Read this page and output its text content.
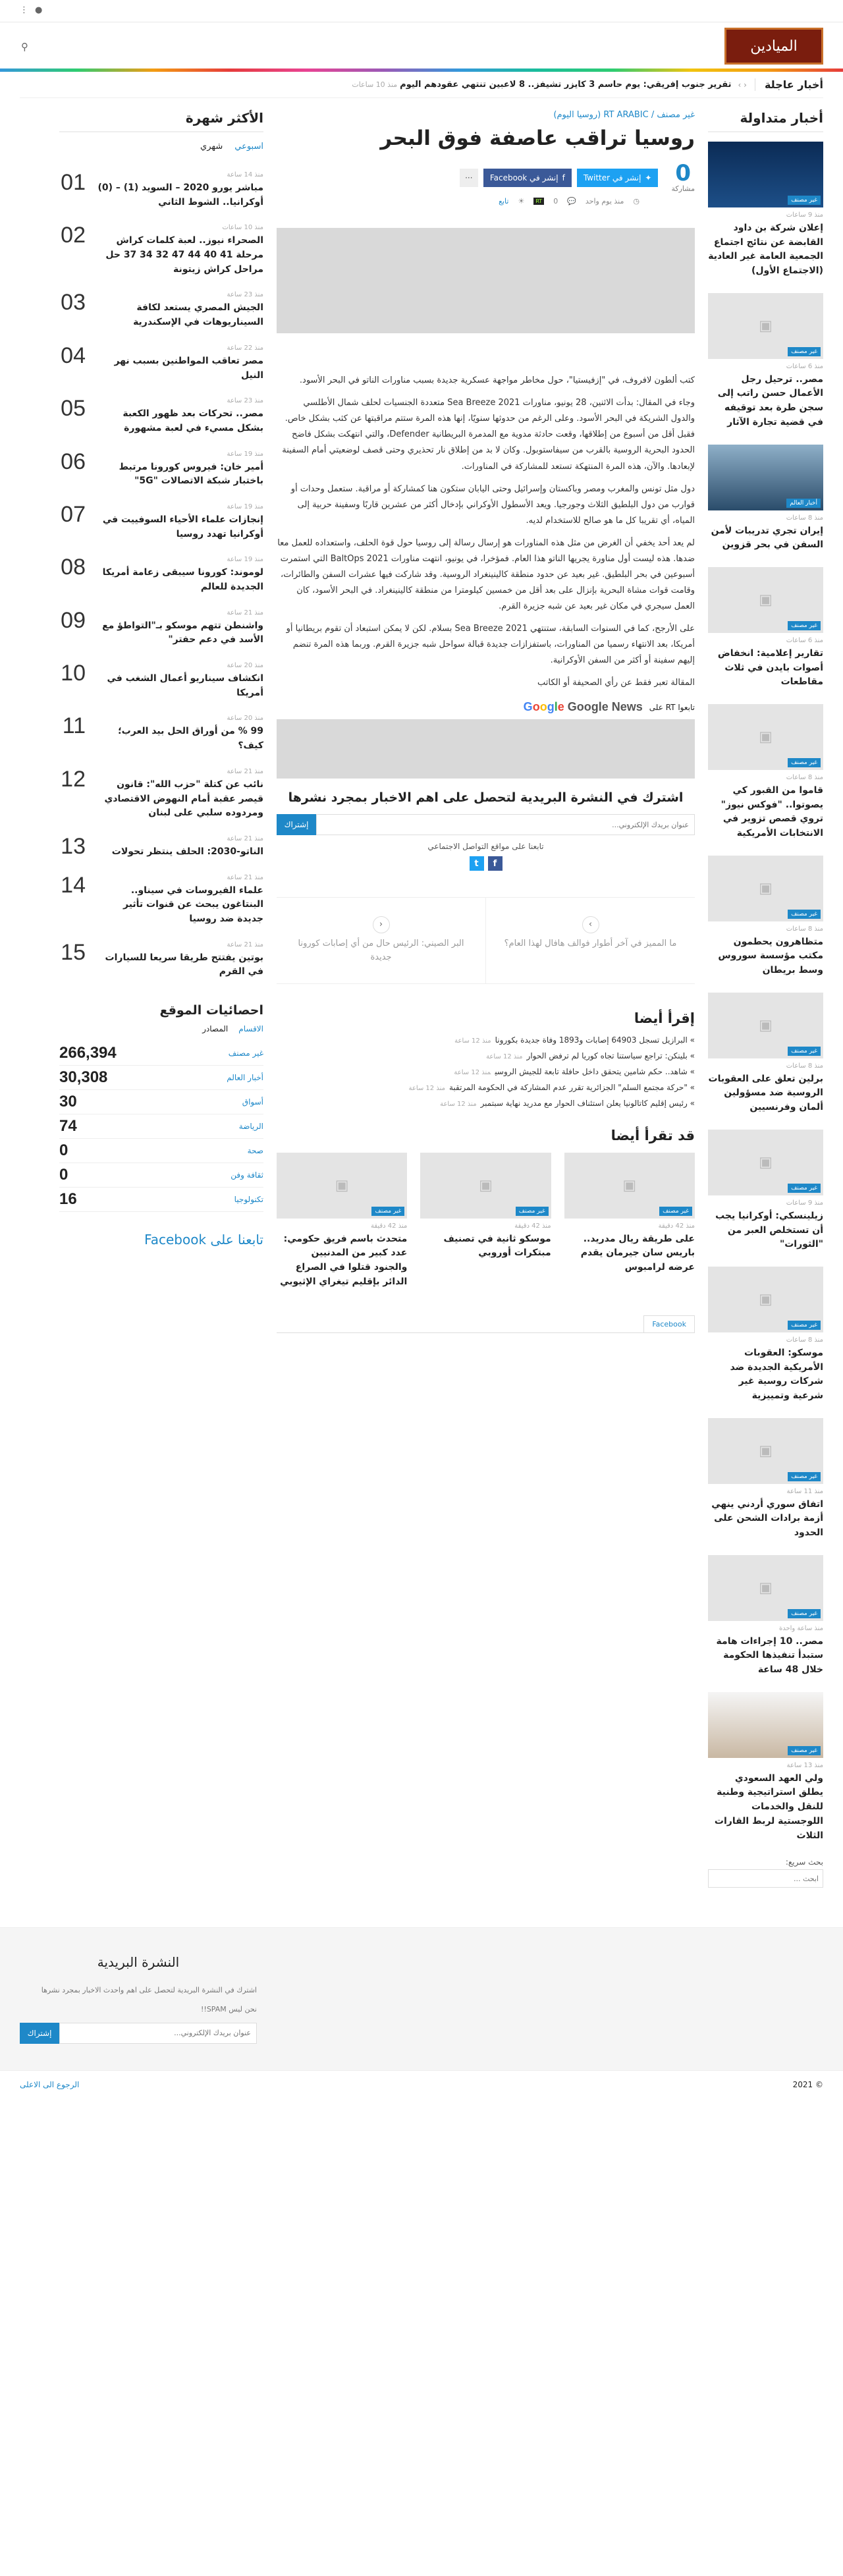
●
⋮
الميادين
⚲
أخبار عاجلة
‹ ›
تقرير جنوب إفريقي: يوم حاسم 3 كايزر تشيفز.. 8 لاعبين تنتهي عقودهم اليوم
منذ 10 ساعات
أخبار متداولة
غير مصنف
منذ 9 ساعات
إعلان شركة بن داود القابضة عن نتائج اجتماع الجمعية العامة غير العادية (الاجتماع الأول)
▣
غير مصنف
منذ 6 ساعات
مصر.. ترحيل رجل الأعمال حسن راتب إلى سجن طرة بعد توقيفه في قضية تجارة الآثار
أخبار العالم
منذ 8 ساعات
إيران تجري تدريبات لأمن السفن في بحر قزوين
▣
غير مصنف
منذ 6 ساعات
تقارير إعلامية: انخفاض أصوات بايدن في ثلاث مقاطعات
▣
غير مصنف
منذ 8 ساعات
قاموا من القبور كي يصوتوا.. "فوكس نيوز" تروي قصص تزوير في الانتخابات الأمريكية
▣
غير مصنف
منذ 8 ساعات
متظاهرون يحطمون مكتب مؤسسة سوروس وسط بريطان
▣
غير مصنف
منذ 8 ساعات
برلين تعلق على العقوبات الروسية ضد مسؤولين ألمان وفرنسيين
▣
غير مصنف
منذ 9 ساعات
زيلينسكي: أوكرانيا يجب أن تستخلص العبر من "الثورات"
▣
غير مصنف
منذ 8 ساعات
موسكو: العقوبات الأمريكية الجديدة ضد شركات روسية غير شرعية وتمييزية
▣
غير مصنف
منذ 11 ساعة
اتفاق سوري أردني ينهي أزمة برادات الشحن على الحدود
▣
غير مصنف
منذ ساعة واحدة
مصر.. 10 إجراءات هامة ستبدأ تنفيذها الحكومة خلال 48 ساعة
غير مصنف
منذ 13 ساعة
ولي العهد السعودي يطلق استراتيجية وطنية للنقل والخدمات اللوجستية لربط القارات الثلاث
بحث سريع:
ابحث ...
غير مصنف / RT ARABIC (روسيا اليوم)
روسيا تراقب عاصفة فوق البحر
0
مشاركة
✦
إنشر في Twitter
f
إنشر في Facebook
···
◷
منذ يوم واحد
💬
0
RT
☀
تابع

كتب ألطون لافروف، في "إزفيستيا"، حول مخاطر مواجهة عسكرية جديدة بسبب مناورات الناتو في البحر الأسود.

وجاء في المقال: بدأت الاثنين، 28 يونيو، مناورات Sea Breeze 2021 متعددة الجنسيات لحلف شمال الأطلسي والدول الشريكة في البحر الأسود. وعلى الرغم من حدوثها سنويًا، إنها هذه المرة ستتم مراقبتها عن كثب بشكل خاص. فقبل أقل من أسبوع من إطلاقها، وقعت حادثة مدوية مع المدمرة البريطانية Defender، والتي انتهكت بشكل فاضح الحدود البحرية الروسية بالقرب من سيفاستوبول. وكان لا بد من إطلاق نار تحذيري وحتى قصف لوضعيتي أمام السفينة لإبعادها. والآن، هذه المرة المنتهكة تستعد للمشاركة في المناورات.

دول مثل تونس والمغرب ومصر وباكستان وإسرائيل وحتى اليابان ستكون هنا كمشاركة أو مراقبة. ستعمل وحدات أو قوارب من دول البلطيق الثلاث وجورجيا. ويعد الأسطول الأوكراني بإدخال أكثر من عشرين قاربًا وسفينة حربية إلى المياه، أي تقريبا كل ما هو صالح للاستخدام لديه.

لم يعد أحد يخفي أن الغرض من مثل هذه المناورات هو إرسال رسالة إلى روسيا حول قوة الحلف، واستعداده للعمل معا ضدها. هذه ليست أول مناورة يجريها الناتو هذا العام. فمؤخرا، في يونيو، انتهت مناورات BaltOps 2021 التي استمرت أسبوعين في بحر البلطيق. غير بعيد عن حدود منطقة كالينينغراد الروسية. وقد شاركت فيها عشرات السفن والطائرات، وقامت قوات مشاة البحرية بإنزال على بعد أقل من خمسين كيلومترا من منطقة كالينينغراد. في البحر الأسود، كان العمل سيجري في مكان غير بعيد عن شبه جزيرة القرم.

على الأرجح، كما في السنوات السابقة، ستنتهي Sea Breeze 2021 بسلام. لكن لا يمكن استبعاد أن تقوم بريطانيا أو أمريكا، بعد الانتهاء رسميا من المناورات، باستفزازات جديدة قبالة سواحل شبه جزيرة القرم. وربما هذه المرة تنضم إليهم سفينة أو أكثر من السفن الأوكرانية.

المقالة تعبر فقط عن رأي الصحيفة أو الكاتب

تابعوا RT على
Google Google News
اشترك في النشرة البريدية لتحصل على اهم الاخبار بمجرد نشرها
عنوان بريدك الإلكتروني...
إشتراك
تابعنا على مواقع التواصل الاجتماعي
f
t
›
ما المميز في آخر أطوار فوالف هافال لهذا العام؟
‹
البر الصيني: الرئيس حال من أي إصابات كورونا جديدة
إقرأ أيضا
» البرازيل تسجل 64903 إصابات و1893 وفاة جديدة بكورونامنذ 12 ساعة
» بلينكن: تراجع سياستنا تجاه كوريا لم ترفض الحوارمنذ 12 ساعة
» شاهد.. حكم شامين يتحقق داخل حافلة تابعة للجيش الروسيمنذ 12 ساعة
» "حركة مجتمع السلم" الجزائرية تقرر عدم المشاركة في الحكومة المرتقبةمنذ 12 ساعة
» رئيس إقليم كاتالونيا يعلن استئناف الحوار مع مدريد نهاية سبتمبرمنذ 12 ساعة
قد تقرأ أيضا
▣
غير مصنف
منذ 42 دقيقة
على طريقة ريال مدريد.. باريس سان جيرمان يقدم عرضه لرامبوس
▣
غير مصنف
منذ 42 دقيقة
موسكو ثانية في تصنيف مبتكرات أوروبي
▣
غير مصنف
منذ 42 دقيقة
متحدث باسم فريق حكومي: عدد كبير من المدنيين والجنود قتلوا في الصراع الدائر بإقليم تيغراي الإثيوبي
Facebook
الأكثر شهرة
اسبوعي
شهري
منذ 14 ساعة
مباشر يورو 2020 – السويد (1) – (0) أوكرانيا.. الشوط الثاني
01
منذ 10 ساعات
الصحراء نيوز.. لعبة كلمات كراش مرحلة 41 40 44 47 32 34 37 حل مراحل كراش زيتونة
02
منذ 23 ساعة
الجيش المصري يستعد لكافة السيناريوهات في الإسكندرية
03
منذ 22 ساعة
مصر تعاقب المواطنين بسبب نهر النيل
04
منذ 23 ساعة
مصر.. تحركات بعد ظهور الكعبة بشكل مسيء في لعبة مشهورة
05
منذ 19 ساعة
أمير خان: فيروس كورونا مرتبط باختبار شبكة الاتصالات "5G"
06
منذ 19 ساعة
إنجازات علماء الأحياء السوفييت في أوكرانيا تهدد روسيا
07
منذ 19 ساعة
لوموند: كورونا سيبقى زعامة أمريكا الجديدة للعالم
08
منذ 21 ساعة
واشنطن تتهم موسكو بـ"التواطؤ مع الأسد في دعم حفتر"
09
منذ 20 ساعة
انكشاف سيناريو أعمال الشغب في أمريكا
10
منذ 20 ساعة
99 % من أوراق الحل بيد العرب؛ كيف؟
11
منذ 21 ساعة
نائب عن كتلة "حزب الله": قانون قيصر عقبة أمام النهوض الاقتصادي ومردوده سلبي على لبنان
12
منذ 21 ساعة
الناتو-2030: الحلف ينتظر تحولات
13
منذ 21 ساعة
علماء الفيروسات في سيناو.. البنتاغون يبحث عن قنوات تأثير جديدة ضد روسيا
14
منذ 21 ساعة
بوتين يفتتح طريقا سريعا للسيارات في القرم
15
احصائيات الموقع
الاقسام
المصادر
غير مصنف
266,394
أخبار العالم
30,308
أسواق
30
الرياضة
74
صحة
0
ثقافة وفن
0
تكنولوجيا
16
تابعنا على Facebook
النشرة البريدية

اشترك في النشرة البريدية لتحصل على اهم واحدث الاخبار بمجرد نشرها

نحن ليس SPAM!!

عنوان بريدك الإلكتروني...
إشتراك
© 2021
الرجوع الى الاعلى
